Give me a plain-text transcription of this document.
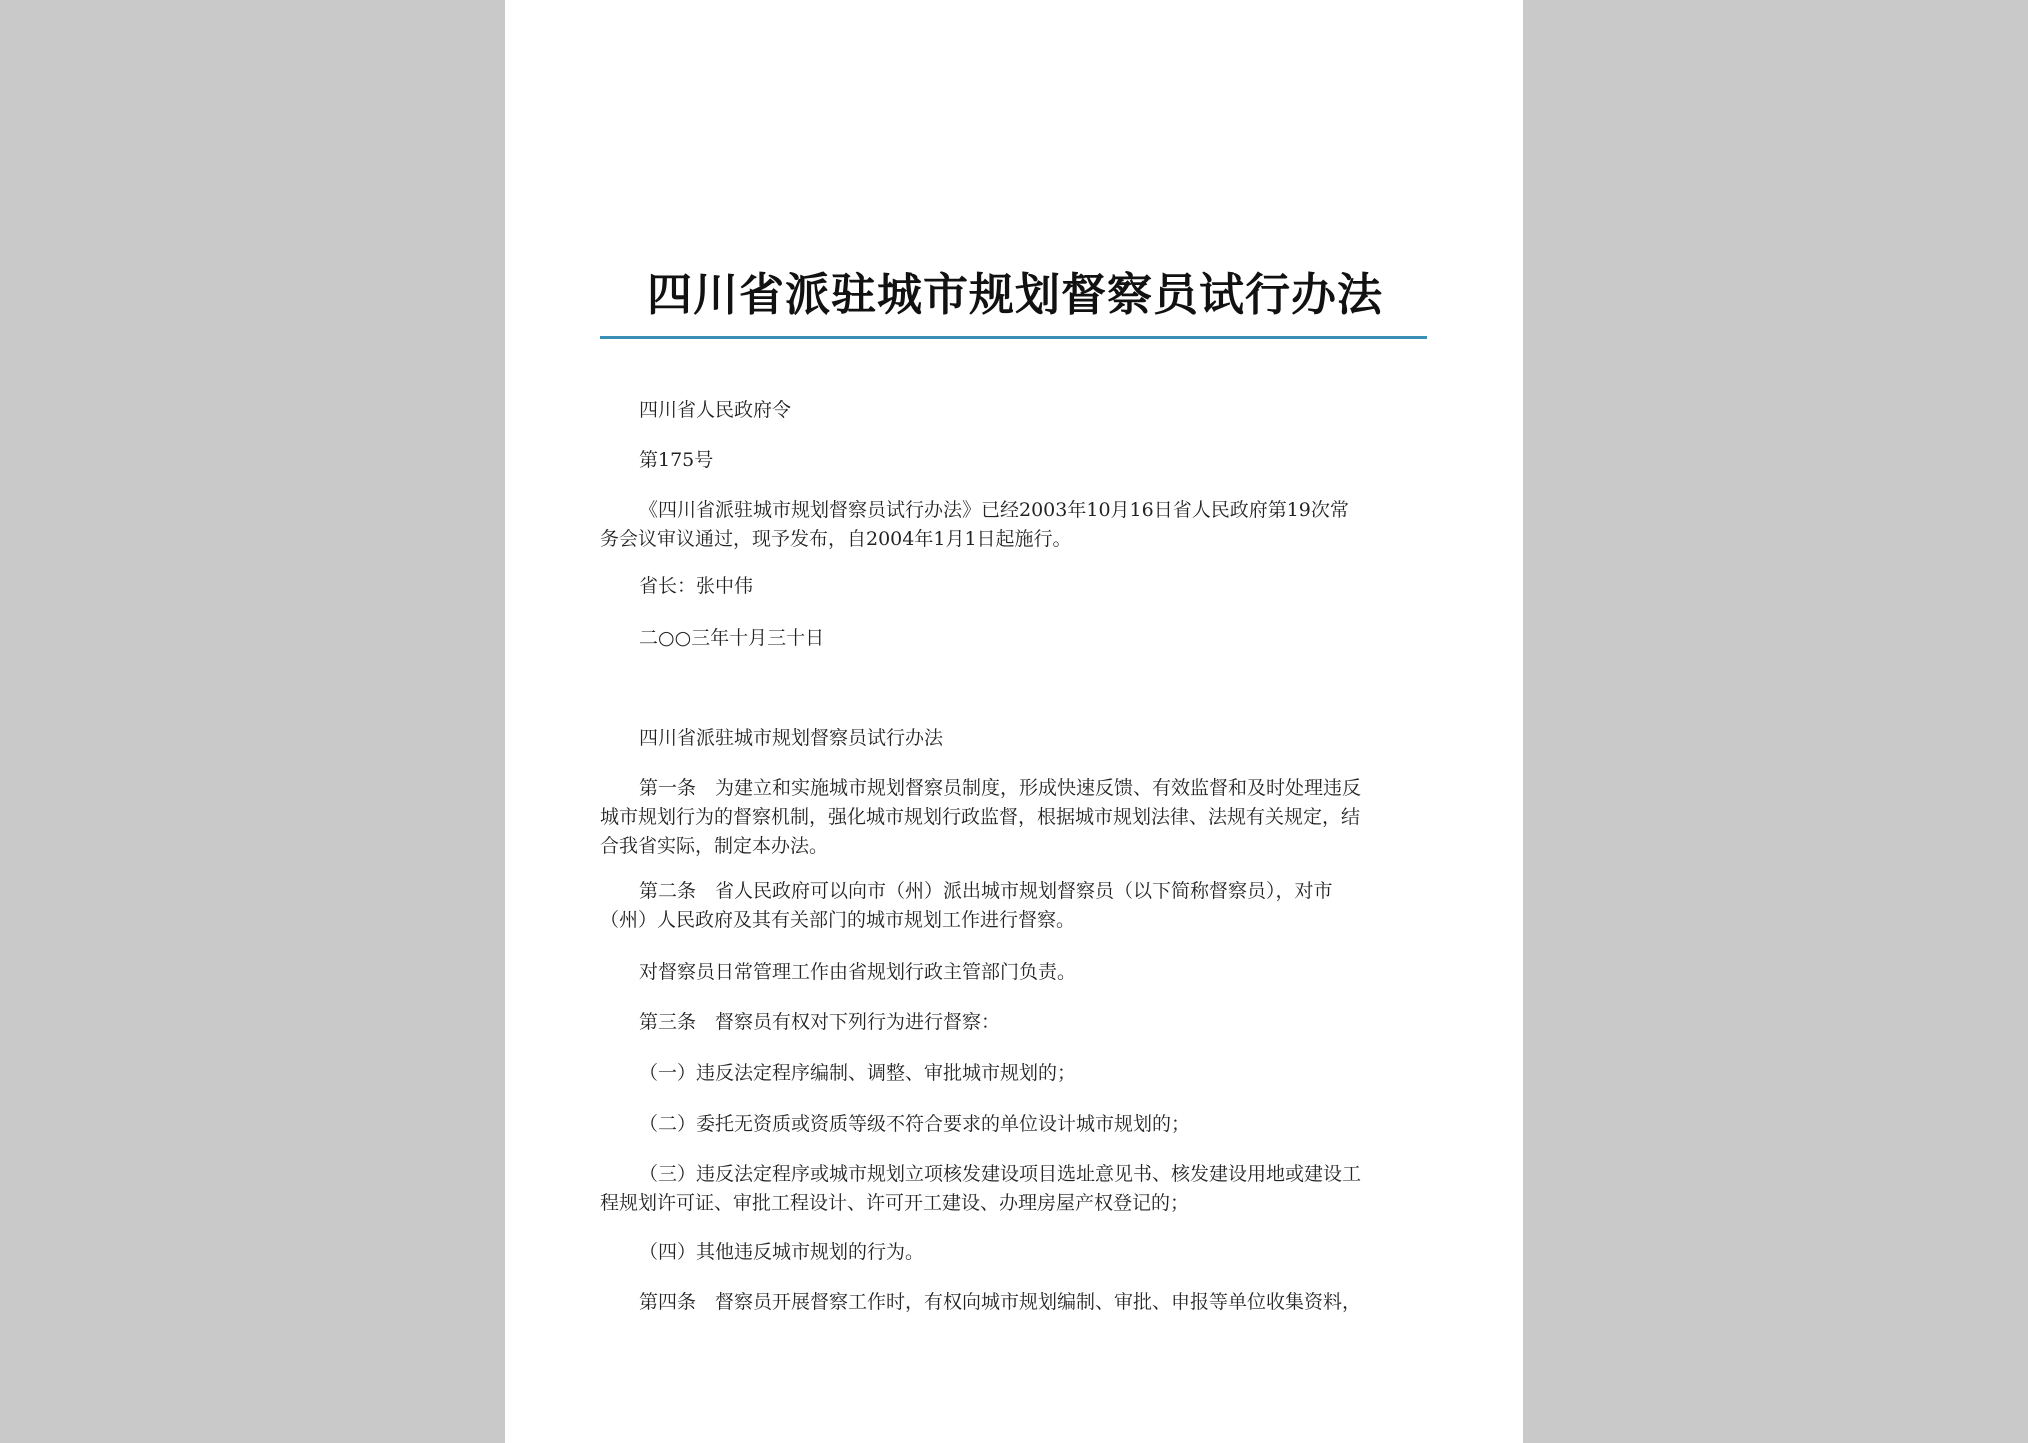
四川省派驻城市规划督察员试行办法
四川省人民政府令
第175号
《四川省派驻城市规划督察员试行办法》已经2003年10月16日省人民政府第19次常
务会议审议通过，现予发布，自2004年1月1日起施行。
省长：张中伟
二○○三年十月三十日
四川省派驻城市规划督察员试行办法
第一条　为建立和实施城市规划督察员制度，形成快速反馈、有效监督和及时处理违反
城市规划行为的督察机制，强化城市规划行政监督，根据城市规划法律、法规有关规定，结
合我省实际，制定本办法。
第二条　省人民政府可以向市（州）派出城市规划督察员（以下简称督察员），对市
（州）人民政府及其有关部门的城市规划工作进行督察。
对督察员日常管理工作由省规划行政主管部门负责。
第三条　督察员有权对下列行为进行督察：
（一）违反法定程序编制、调整、审批城市规划的；
（二）委托无资质或资质等级不符合要求的单位设计城市规划的；
（三）违反法定程序或城市规划立项核发建设项目选址意见书、核发建设用地或建设工
程规划许可证、审批工程设计、许可开工建设、办理房屋产权登记的；
（四）其他违反城市规划的行为。
第四条　督察员开展督察工作时，有权向城市规划编制、审批、申报等单位收集资料，
